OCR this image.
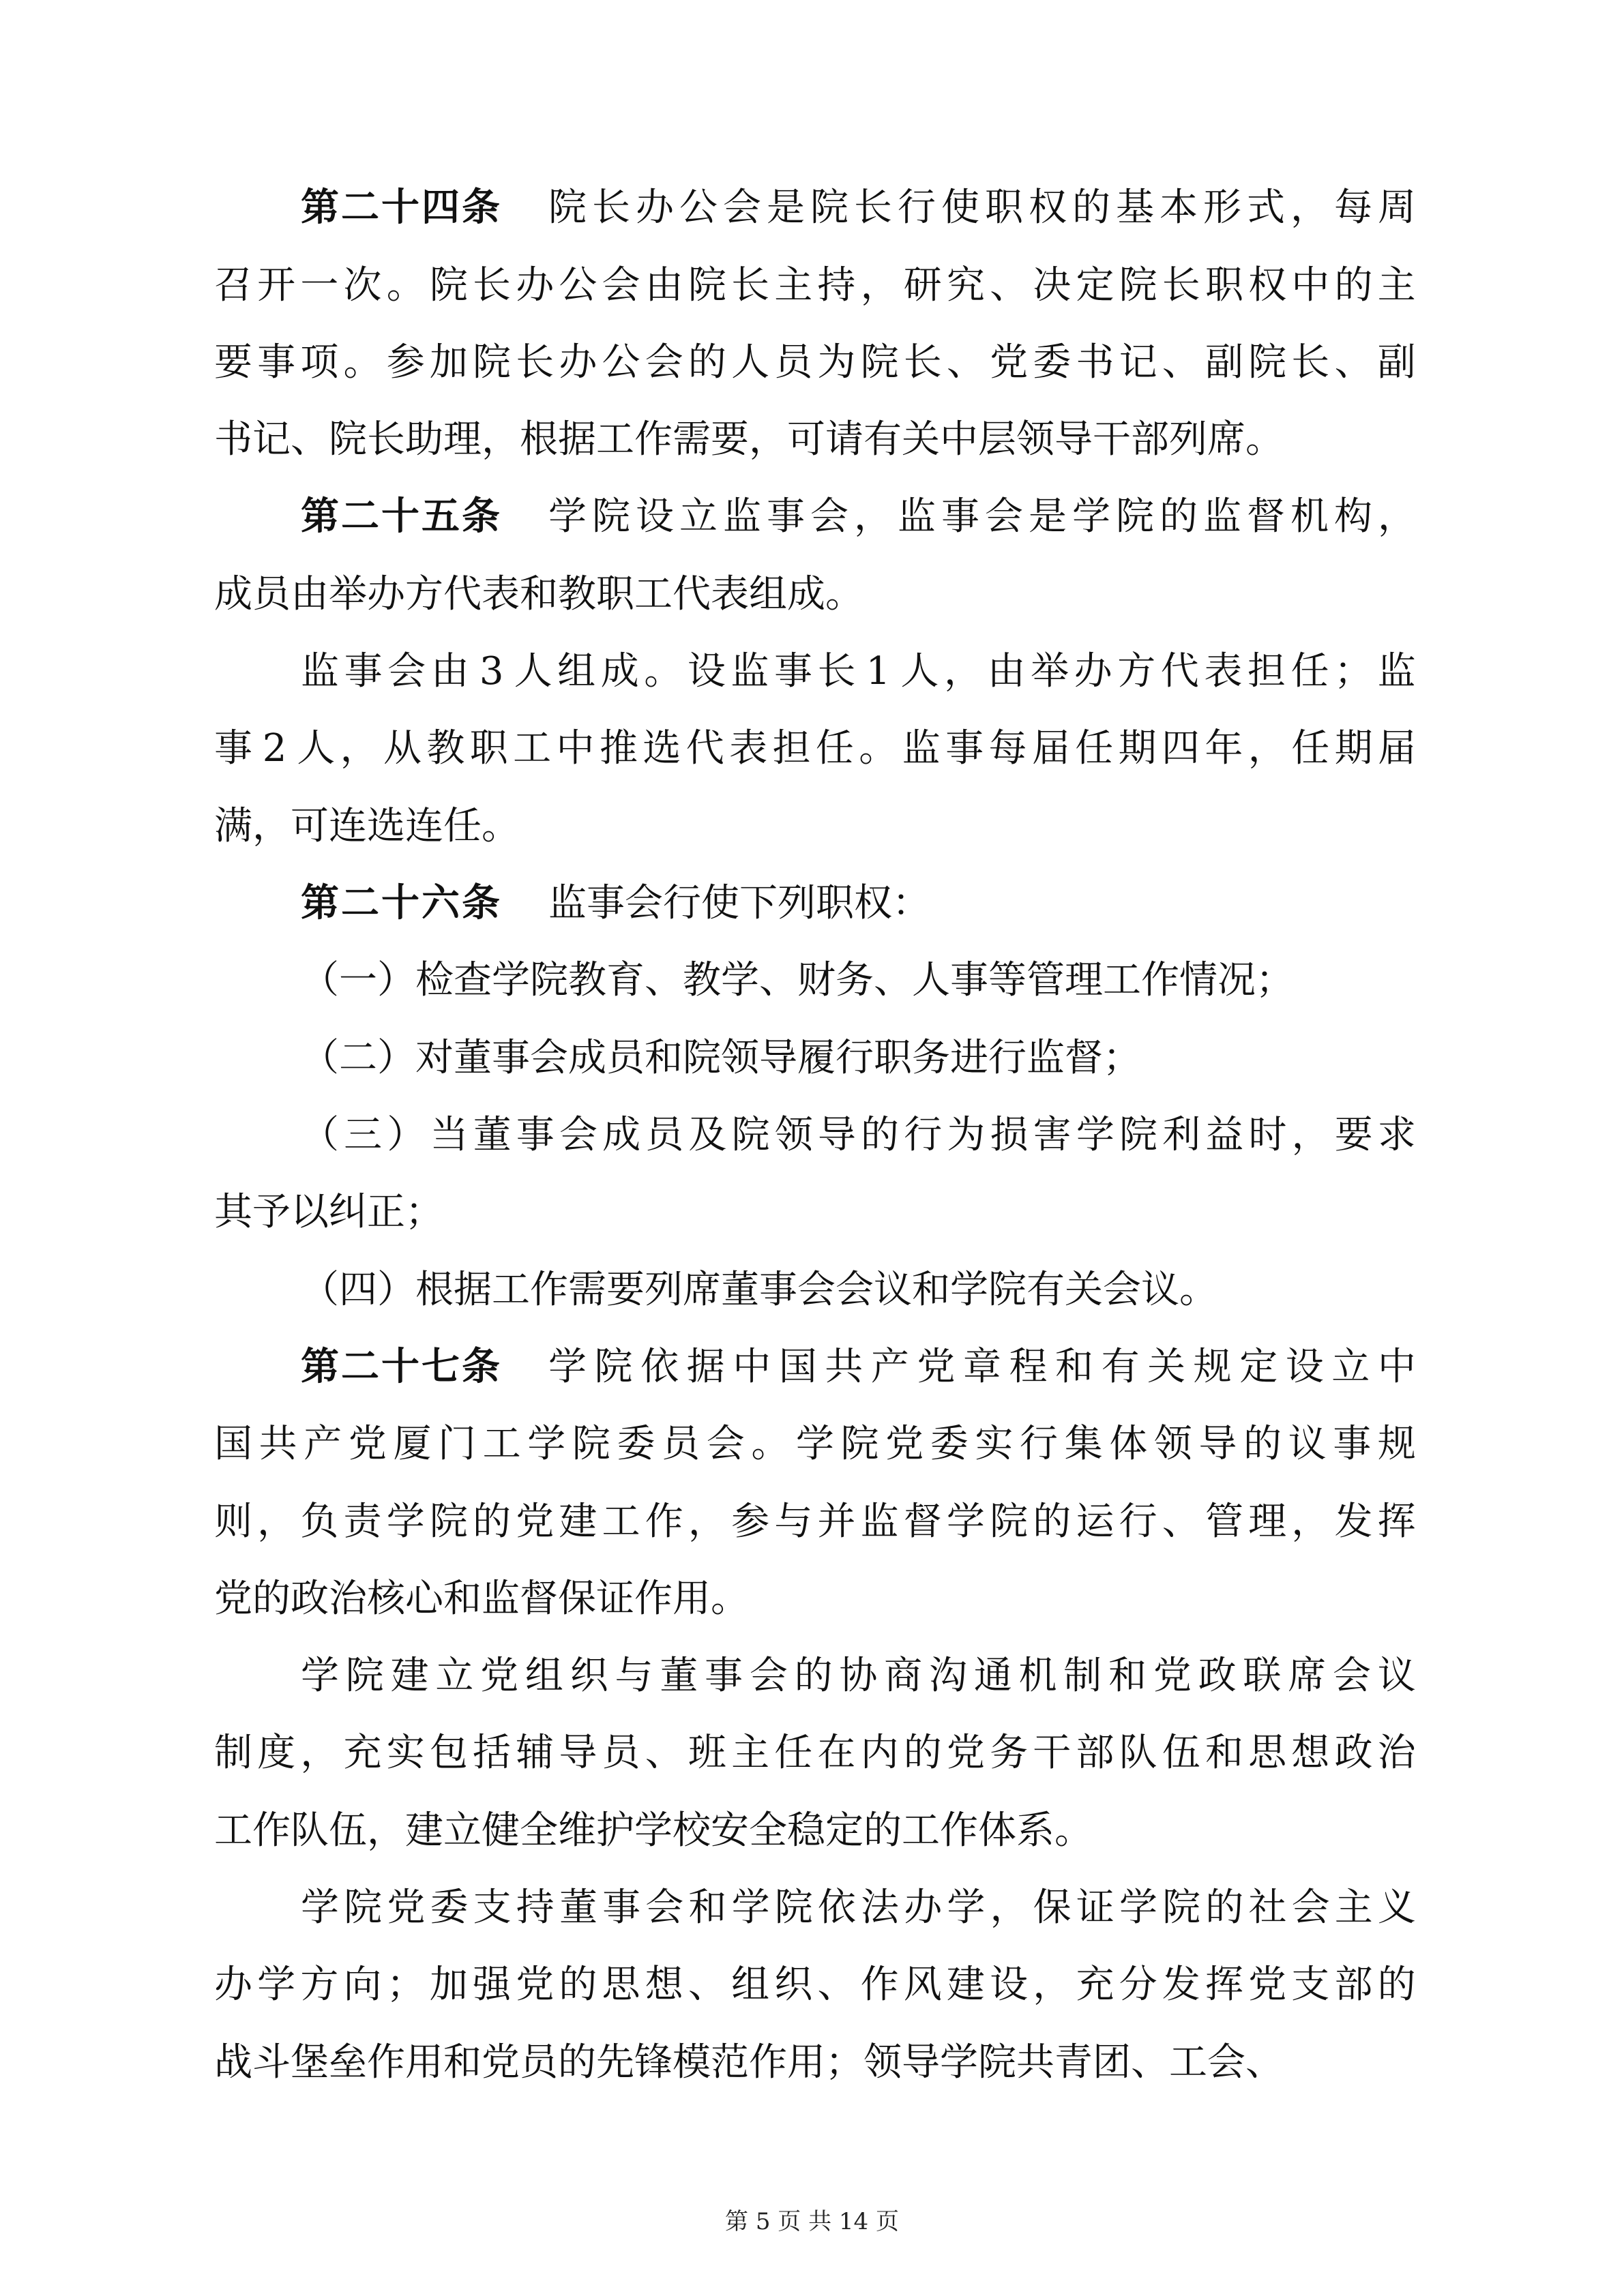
第二十四条 院 长 办 公 会 是 院 长 行 使 职 权 的 基 本 形 式 ， 每 周
召 开 一 次 。 院 长 办 公 会 由 院 长 主 持 ， 研 究 、 决 定 院 长 职 权 中 的 主
要 事 项 。 参 加 院 长 办 公 会 的 人 员 为 院 长 、 党 委 书 记 、 副 院 长 、 副
书记、院长助理，根据工作需要，可请有关中层领导干部列席。
第二十五条 学 院 设 立 监 事 会 ， 监 事 会 是 学 院 的 监 督 机 构 ，
成员由举办方代表和教职工代表组成。
监 事 会 由 3 人 组 成 。 设 监 事 长 1 人 ， 由 举 办 方 代 表 担 任 ； 监
事 2 人 ， 从 教 职 工 中 推 选 代 表 担 任 。 监 事 每 届 任 期 四 年 ， 任 期 届
满，可连选连任。
第二十六条 监事会行使下列职权：
（一）检查学院教育、教学、财务、人事等管理工作情况；
（二）对董事会成员和院领导履行职务进行监督；
（ 三 ） 当 董 事 会 成 员 及 院 领 导 的 行 为 损 害 学 院 利 益 时 ， 要 求
其予以纠正；
（四）根据工作需要列席董事会会议和学院有关会议。
第二十七条 学 院 依 据 中 国 共 产 党 章 程 和 有 关 规 定 设 立 中
国 共 产 党 厦 门 工 学 院 委 员 会 。 学 院 党 委 实 行 集 体 领 导 的 议 事 规
则 ， 负 责 学 院 的 党 建 工 作 ， 参 与 并 监 督 学 院 的 运 行 、 管 理 ， 发 挥
党的政治核心和监督保证作用。
学 院 建 立 党 组 织 与 董 事 会 的 协 商 沟 通 机 制 和 党 政 联 席 会 议
制 度 ， 充 实 包 括 辅 导 员 、 班 主 任 在 内 的 党 务 干 部 队 伍 和 思 想 政 治
工作队伍，建立健全维护学校安全稳定的工作体系。
学 院 党 委 支 持 董 事 会 和 学 院 依 法 办 学 ， 保 证 学 院 的 社 会 主 义
办 学 方 向 ； 加 强 党 的 思 想 、 组 织 、 作 风 建 设 ， 充 分 发 挥 党 支 部 的
战斗堡垒作用和党员的先锋模范作用；领导学院共青团、工会、
第 5 页 共 14 页
